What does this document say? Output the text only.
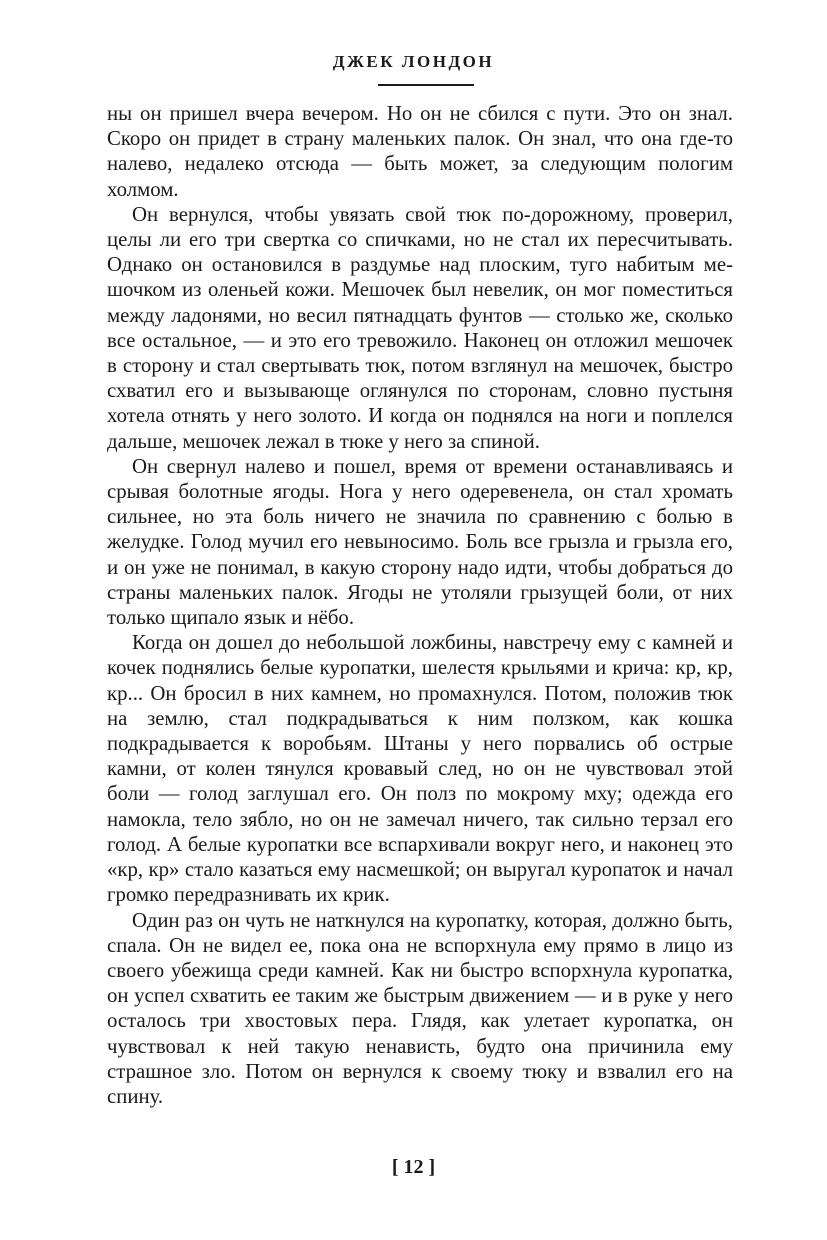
ДЖЕК ЛОНДОН

ны он пришел вчера вечером. Но он не сбился с пути. Это он знал. Скоро он придет в страну маленьких палок. Он знал, что она где-то налево, недалеко отсюда — быть может, за следующим пологим холмом.

Он вернулся, чтобы увязать свой тюк по-дорожному, проверил, целы ли его три свертка со спичками, но не стал их пересчитывать. Однако он остановился в раздумье над плоским, туго набитым мешочком из оленьей кожи. Мешочек был невелик, он мог поместиться между ладонями, но весил пятнадцать фунтов — столько же, сколько все остальное, — и это его тревожило. Наконец он отложил мешочек в сторону и стал свертывать тюк, потом взглянул на мешочек, быстро схватил его и вызывающе оглянулся по сторонам, словно пустыня хотела отнять у него золото. И когда он поднялся на ноги и поплелся дальше, мешочек лежал в тюке у него за спиной.

Он свернул налево и пошел, время от времени останавливаясь и срывая болотные ягоды. Нога у него одеревенела, он стал хромать сильнее, но эта боль ничего не значила по сравнению с болью в желудке. Голод мучил его невыносимо. Боль все грызла и грызла его, и он уже не понимал, в какую сторону надо идти, чтобы добраться до страны маленьких палок. Ягоды не утоляли грызущей боли, от них только щипало язык и нёбо.

Когда он дошел до небольшой ложбины, навстречу ему с камней и кочек поднялись белые куропатки, шелестя крыльями и крича: кр, кр, кр... Он бросил в них камнем, но промахнулся. Потом, положив тюк на землю, стал подкрадываться к ним ползком, как кошка подкрадывается к воробьям. Штаны у него порвались об острые камни, от колен тянулся кровавый след, но он не чувствовал этой боли — голод заглушал его. Он полз по мокрому мху; одежда его намокла, тело зябло, но он не замечал ничего, так сильно терзал его голод. А белые куропатки все вспархивали вокруг него, и наконец это «кр, кр» стало казаться ему насмешкой; он выругал куропаток и начал громко передразнивать их крик.

Один раз он чуть не наткнулся на куропатку, которая, должно быть, спала. Он не видел ее, пока она не вспорхнула ему прямо в лицо из своего убежища среди камней. Как ни быстро вспорхнула куропатка, он успел схватить ее таким же быстрым движением — и в руке у него осталось три хвостовых пера. Глядя, как улетает куропатка, он чувствовал к ней такую ненависть, будто она причинила ему страшное зло. Потом он вернулся к своему тюку и взвалил его на спину.

[ 12 ]
